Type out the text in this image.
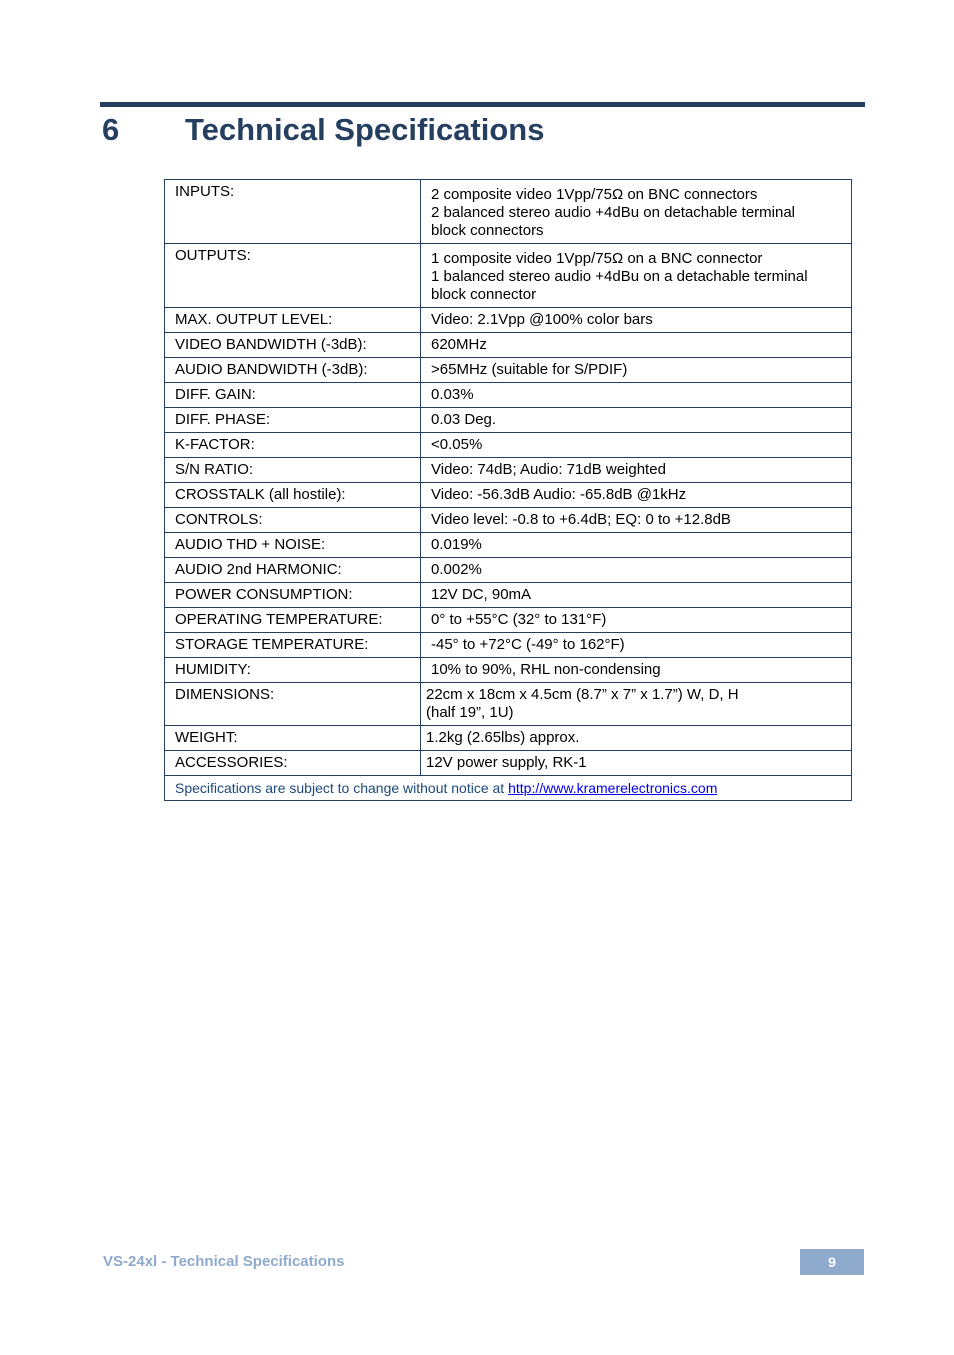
6 Technical Specifications
INPUTS:	2 composite video 1Vpp/75Ω on BNC connectors
2 balanced stereo audio +4dBu on detachable terminal
block connectors

OUTPUTS:	1 composite video 1Vpp/75Ω on a BNC connector
1 balanced stereo audio +4dBu on a detachable terminal
block connector

MAX. OUTPUT LEVEL:	Video: 2.1Vpp @100% color bars

VIDEO BANDWIDTH (-3dB):	620MHz

AUDIO BANDWIDTH (-3dB):	>65MHz (suitable for S/PDIF)

DIFF. GAIN:	0.03%

DIFF. PHASE:	0.03 Deg.

K-FACTOR:	<0.05%

S/N RATIO:	Video: 74dB; Audio: 71dB weighted

CROSSTALK (all hostile):	Video: -56.3dB Audio: -65.8dB @1kHz

CONTROLS:	Video level: -0.8 to +6.4dB; EQ: 0 to +12.8dB

AUDIO THD + NOISE:	0.019%

AUDIO 2nd HARMONIC:	0.002%

POWER CONSUMPTION:	12V DC, 90mA

OPERATING TEMPERATURE:	0° to +55°C (32° to 131°F)

STORAGE TEMPERATURE:	-45° to +72°C (-49° to 162°F)

HUMIDITY:	10% to 90%, RHL non-condensing

DIMENSIONS:	22cm x 18cm x 4.5cm (8.7” x 7” x 1.7”) W, D, H
(half 19”, 1U)

WEIGHT:	1.2kg (2.65lbs) approx.

ACCESSORIES:	12V power supply, RK-1

Specifications are subject to change without notice at http://www.kramerelectronics.com	
VS-24xl - Technical Specifications	9
